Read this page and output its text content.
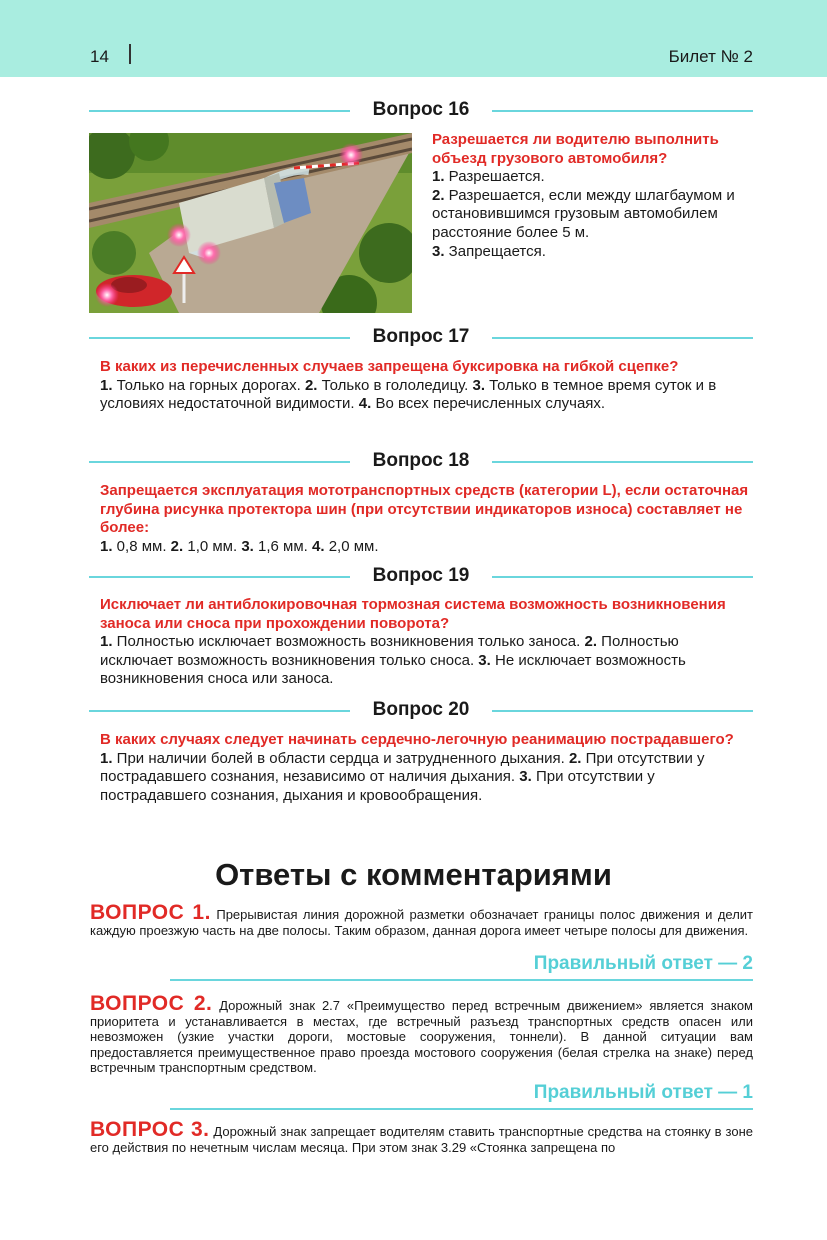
14	Билет № 2
Вопрос 16
Разрешается ли водителю выполнить объезд грузового автомобиля?
1. Разрешается.
2. Разрешается, если между шлагбаумом и остановившимся грузовым автомобилем расстояние более 5 м.
3. Запрещается.
Вопрос 17
В каких из перечисленных случаев запрещена буксировка на гибкой сцепке?
1. Только на горных дорогах. 2. Только в гололедицу. 3. Только в темное время суток и в условиях недостаточной видимости. 4. Во всех перечисленных случаях.
Вопрос 18
Запрещается эксплуатация мототранспортных средств (категории L), если остаточная глубина рисунка протектора шин (при отсутствии индикаторов износа) составляет не более:
1. 0,8 мм. 2. 1,0 мм. 3. 1,6 мм. 4. 2,0 мм.
Вопрос 19
Исключает ли антиблокировочная тормозная система возможность возникновения заноса или сноса при прохождении поворота?
1. Полностью исключает возможность возникновения только заноса. 2. Полностью исключает возможность возникновения только сноса. 3. Не исключает возможность возникновения сноса или заноса.
Вопрос 20
В каких случаях следует начинать сердечно-легочную реанимацию пострадавшего?
1. При наличии болей в области сердца и затрудненного дыхания. 2. При отсутствии у пострадавшего сознания, независимо от наличия дыхания. 3. При отсутствии у пострадавшего сознания, дыхания и кровообращения.
Ответы с комментариями
ВОПРОС 1. Прерывистая линия дорожной разметки обозначает границы полос движения и делит каждую проезжую часть на две полосы. Таким образом, данная дорога имеет четыре полосы для движения.
Правильный ответ — 2
ВОПРОС 2. Дорожный знак 2.7 «Преимущество перед встречным движением» является знаком приоритета и устанавливается в местах, где встречный разъезд транспортных средств опасен или невозможен (узкие участки дороги, мостовые сооружения, тоннели). В данной ситуации вам предоставляется преимущественное право проезда мостового сооружения (белая стрелка на знаке) перед встречным транспортным средством.
Правильный ответ — 1
ВОПРОС 3. Дорожный знак запрещает водителям ставить транспортные средства на стоянку в зоне его действия по нечетным числам месяца. При этом знак 3.29 «Стоянка запрещена по
